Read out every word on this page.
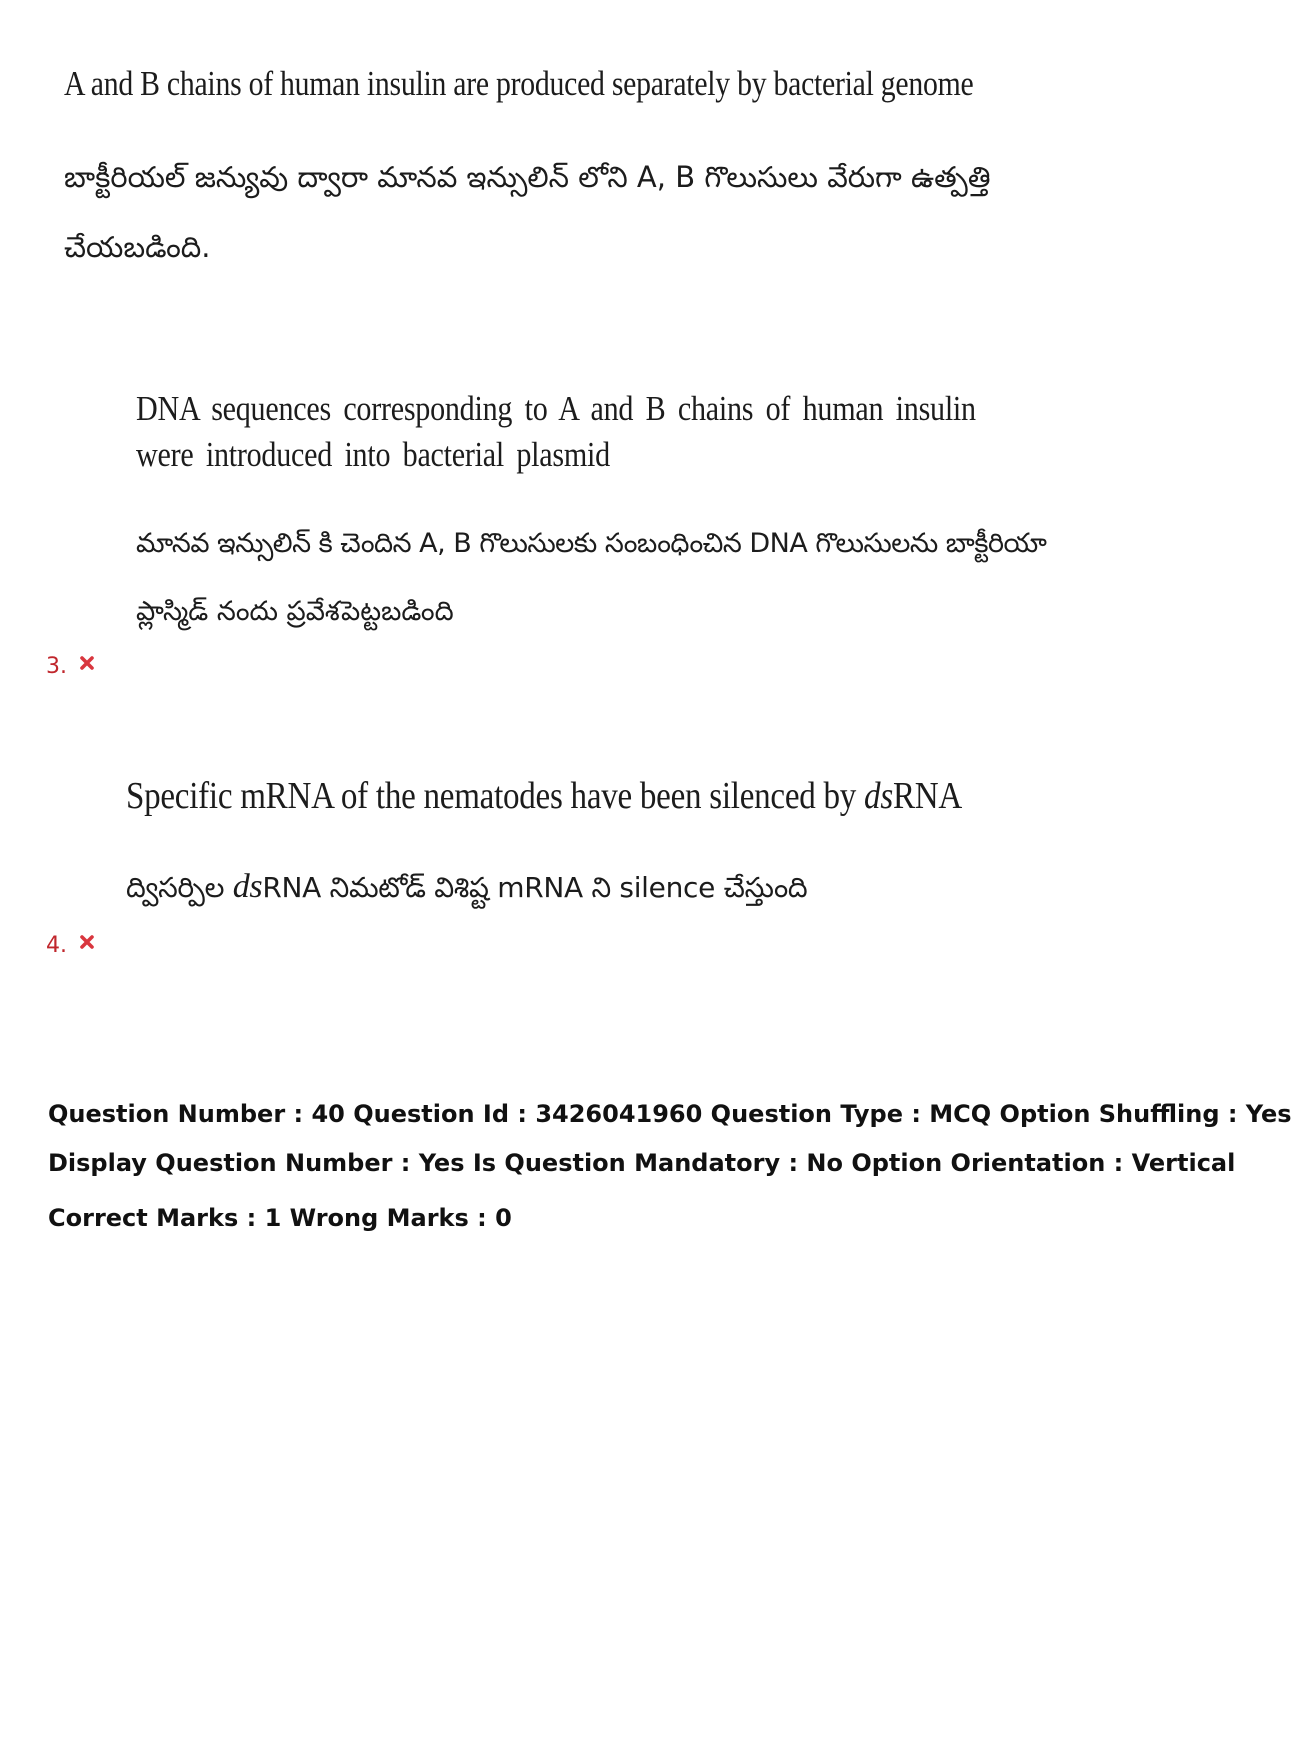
A and B chains of human insulin are produced separately by bacterial genome
బాక్టీరియల్ జన్యువు ద్వారా మానవ ఇన్సులిన్ లోని A, B గొలుసులు వేరుగా ఉత్పత్తి
చేయబడింది.
DNA sequences corresponding to A and B chains of human insulin were introduced into bacterial plasmid
మానవ ఇన్సులిన్ కి చెందిన A, B గొలుసులకు సంబంధించిన DNA గొలుసులను బాక్టీరియా
ప్లాస్మిడ్ నందు ప్రవేశపెట్టబడింది
3.
Specific mRNA of the nematodes have been silenced by dsRNA
ద్విసర్పిల dsRNA నిమటోడ్ విశిష్ట mRNA ని silence చేస్తుంది
4.
Question Number : 40 Question Id : 3426041960 Question Type : MCQ Option Shuffling : Yes
Display Question Number : Yes Is Question Mandatory : No Option Orientation : Vertical
Correct Marks : 1 Wrong Marks : 0
